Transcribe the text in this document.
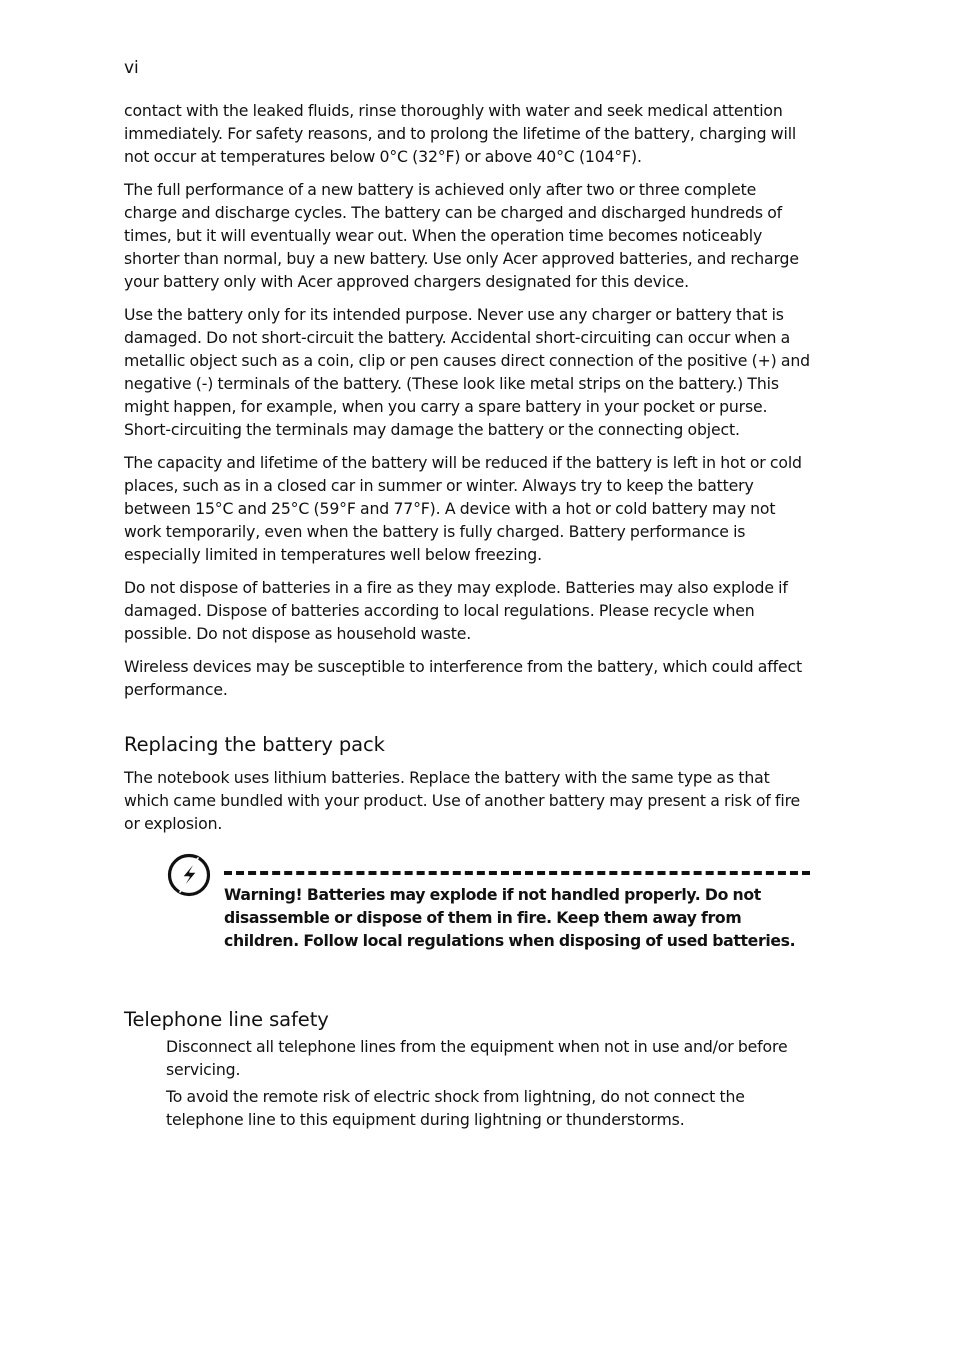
vi

contact with the leaked fluids, rinse thoroughly with water and seek medical attention immediately. For safety reasons, and to prolong the lifetime of the battery, charging will not occur at temperatures below 0°C (32°F) or above 40°C (104°F).

The full performance of a new battery is achieved only after two or three complete charge and discharge cycles. The battery can be charged and discharged hundreds of times, but it will eventually wear out. When the operation time becomes noticeably shorter than normal, buy a new battery. Use only Acer approved batteries, and recharge your battery only with Acer approved chargers designated for this device.

Use the battery only for its intended purpose. Never use any charger or battery that is damaged. Do not short-circuit the battery. Accidental short-circuiting can occur when a metallic object such as a coin, clip or pen causes direct connection of the positive (+) and negative (-) terminals of the battery. (These look like metal strips on the battery.) This might happen, for example, when you carry a spare battery in your pocket or purse. Short-circuiting the terminals may damage the battery or the connecting object.

The capacity and lifetime of the battery will be reduced if the battery is left in hot or cold places, such as in a closed car in summer or winter. Always try to keep the battery between 15°C and 25°C (59°F and 77°F). A device with a hot or cold battery may not work temporarily, even when the battery is fully charged. Battery performance is especially limited in temperatures well below freezing.

Do not dispose of batteries in a fire as they may explode. Batteries may also explode if damaged. Dispose of batteries according to local regulations. Please recycle when possible. Do not dispose as household waste.

Wireless devices may be susceptible to interference from the battery, which could affect performance.

Replacing the battery pack

The notebook uses lithium batteries. Replace the battery with the same type as that which came bundled with your product. Use of another battery may present a risk of fire or explosion.

Warning! Batteries may explode if not handled properly. Do not disassemble or dispose of them in fire. Keep them away from children. Follow local regulations when disposing of used batteries.

Telephone line safety

Disconnect all telephone lines from the equipment when not in use and/or before servicing.

To avoid the remote risk of electric shock from lightning, do not connect the telephone line to this equipment during lightning or thunderstorms.
